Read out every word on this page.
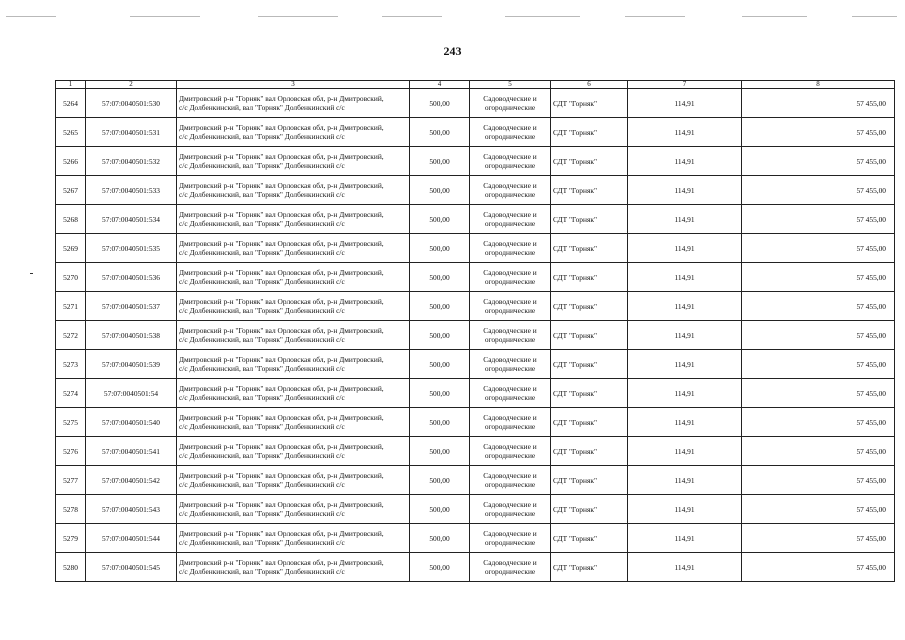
243
1	2	3	4	5	6	7	8
5264	57:07:0040501:530	Дмитровский р-н "Горняк" вал Орловская обл, р-н Дмитровский,
с/с Долбенкинский, вал "Горняк" Долбенкинский с/с	500,00	Садоводческие и
огороднические	СДТ "Горняк"	114,91	57 455,00
5265	57:07:0040501:531	Дмитровский р-н "Горняк" вал Орловская обл, р-н Дмитровский,
с/с Долбенкинский, вал "Горняк" Долбенкинский с/с	500,00	Садоводческие и
огороднические	СДТ "Горняк"	114,91	57 455,00
5266	57:07:0040501:532	Дмитровский р-н "Горняк" вал Орловская обл, р-н Дмитровский,
с/с Долбенкинский, вал "Горняк" Долбенкинский с/с	500,00	Садоводческие и
огороднические	СДТ "Горняк"	114,91	57 455,00
5267	57:07:0040501:533	Дмитровский р-н "Горняк" вал Орловская обл, р-н Дмитровский,
с/с Долбенкинский, вал "Горняк" Долбенкинский с/с	500,00	Садоводческие и
огороднические	СДТ "Горняк"	114,91	57 455,00
5268	57:07:0040501:534	Дмитровский р-н "Горняк" вал Орловская обл, р-н Дмитровский,
с/с Долбенкинский, вал "Горняк" Долбенкинский с/с	500,00	Садоводческие и
огороднические	СДТ "Горняк"	114,91	57 455,00
5269	57:07:0040501:535	Дмитровский р-н "Горняк" вал Орловская обл, р-н Дмитровский,
с/с Долбенкинский, вал "Горняк" Долбенкинский с/с	500,00	Садоводческие и
огороднические	СДТ "Горняк"	114,91	57 455,00
5270	57:07:0040501:536	Дмитровский р-н "Горняк" вал Орловская обл, р-н Дмитровский,
с/с Долбенкинский, вал "Горняк" Долбенкинский с/с	500,00	Садоводческие и
огороднические	СДТ "Горняк"	114,91	57 455,00
5271	57:07:0040501:537	Дмитровский р-н "Горняк" вал Орловская обл, р-н Дмитровский,
с/с Долбенкинский, вал "Горняк" Долбенкинский с/с	500,00	Садоводческие и
огороднические	СДТ "Горняк"	114,91	57 455,00
5272	57:07:0040501:538	Дмитровский р-н "Горняк" вал Орловская обл, р-н Дмитровский,
с/с Долбенкинский, вал "Горняк" Долбенкинский с/с	500,00	Садоводческие и
огороднические	СДТ "Горняк"	114,91	57 455,00
5273	57:07:0040501:539	Дмитровский р-н "Горняк" вал Орловская обл, р-н Дмитровский,
с/с Долбенкинский, вал "Горняк" Долбенкинский с/с	500,00	Садоводческие и
огороднические	СДТ "Горняк"	114,91	57 455,00
5274	57:07:0040501:54	Дмитровский р-н "Горняк" вал Орловская обл, р-н Дмитровский,
с/с Долбенкинский, вал "Горняк" Долбенкинский с/с	500,00	Садоводческие и
огороднические	СДТ "Горняк"	114,91	57 455,00
5275	57:07:0040501:540	Дмитровский р-н "Горняк" вал Орловская обл, р-н Дмитровский,
с/с Долбенкинский, вал "Горняк" Долбенкинский с/с	500,00	Садоводческие и
огороднические	СДТ "Горняк"	114,91	57 455,00
5276	57:07:0040501:541	Дмитровский р-н "Горняк" вал Орловская обл, р-н Дмитровский,
с/с Долбенкинский, вал "Горняк" Долбенкинский с/с	500,00	Садоводческие и
огороднические	СДТ "Горняк"	114,91	57 455,00
5277	57:07:0040501:542	Дмитровский р-н "Горняк" вал Орловская обл, р-н Дмитровский,
с/с Долбенкинский, вал "Горняк" Долбенкинский с/с	500,00	Садоводческие и
огороднические	СДТ "Горняк"	114,91	57 455,00
5278	57:07:0040501:543	Дмитровский р-н "Горняк" вал Орловская обл, р-н Дмитровский,
с/с Долбенкинский, вал "Горняк" Долбенкинский с/с	500,00	Садоводческие и
огороднические	СДТ "Горняк"	114,91	57 455,00
5279	57:07:0040501:544	Дмитровский р-н "Горняк" вал Орловская обл, р-н Дмитровский,
с/с Долбенкинский, вал "Горняк" Долбенкинский с/с	500,00	Садоводческие и
огороднические	СДТ "Горняк"	114,91	57 455,00
5280	57:07:0040501:545	Дмитровский р-н "Горняк" вал Орловская обл, р-н Дмитровский,
с/с Долбенкинский, вал "Горняк" Долбенкинский с/с	500,00	Садоводческие и
огороднические	СДТ "Горняк"	114,91	57 455,00
